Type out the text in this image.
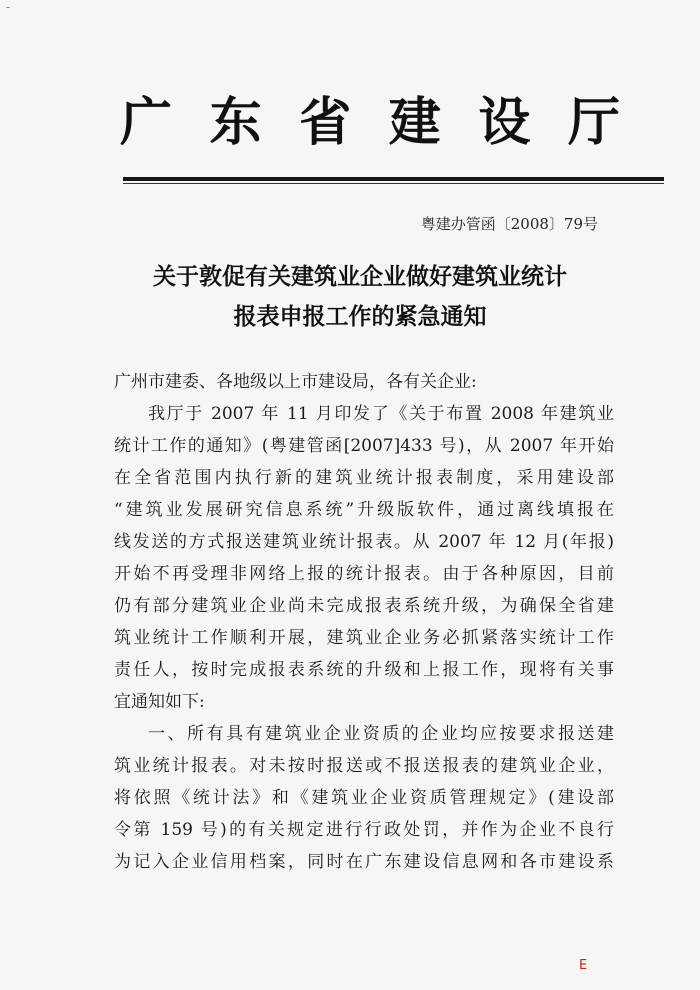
-
广 东 省 建 设 厅
粤建办管函〔2008〕79号
关于敦促有关建筑业企业做好建筑业统计
报表申报工作的紧急通知

广州市建委、各地级以上市建设局，各有关企业:

我厅于 2007 年 11 月印发了《关于布置 2008 年建筑业

统计工作的通知》(粤建管函[2007]433 号)，从 2007 年开始

在全省范围内执行新的建筑业统计报表制度，采用建设部

“建筑业发展研究信息系统”升级版软件，通过离线填报在

线发送的方式报送建筑业统计报表。从 2007 年 12 月(年报)

开始不再受理非网络上报的统计报表。由于各种原因，目前

仍有部分建筑业企业尚未完成报表系统升级，为确保全省建

筑业统计工作顺利开展，建筑业企业务必抓紧落实统计工作

责任人，按时完成报表系统的升级和上报工作，现将有关事

宜通知如下:

一、所有具有建筑业企业资质的企业均应按要求报送建

筑业统计报表。对未按时报送或不报送报表的建筑业企业，

将依照《统计法》和《建筑业企业资质管理规定》(建设部

令第 159 号)的有关规定进行行政处罚，并作为企业不良行

为记入企业信用档案，同时在广东建设信息网和各市建设系

E
